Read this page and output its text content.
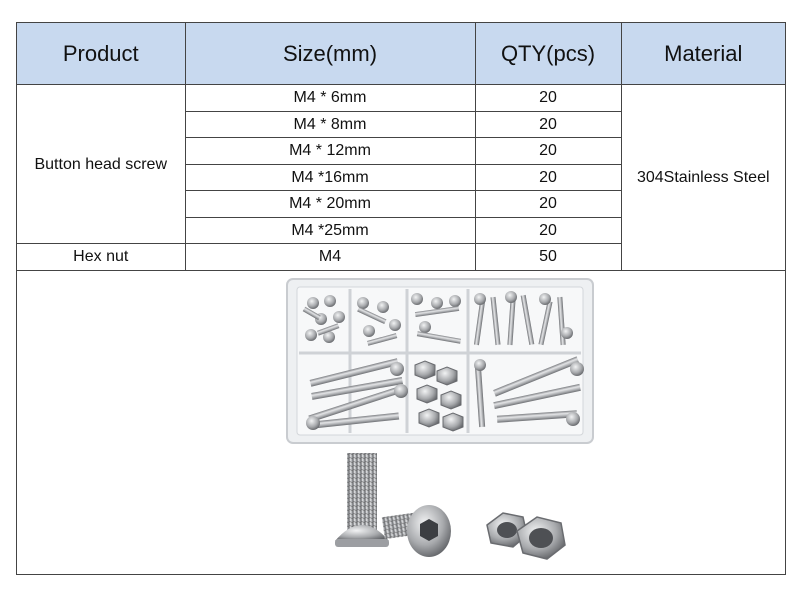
Product	Size(mm)	QTY(pcs)	Material
Button head screw	M4 * 6mm	20	304Stainless Steel
	M4 * 8mm	20	
	M4 * 12mm	20	
	M4 *16mm	20	
	M4 * 20mm	20	
	M4 *25mm	20	
Hex nut	M4	50	
